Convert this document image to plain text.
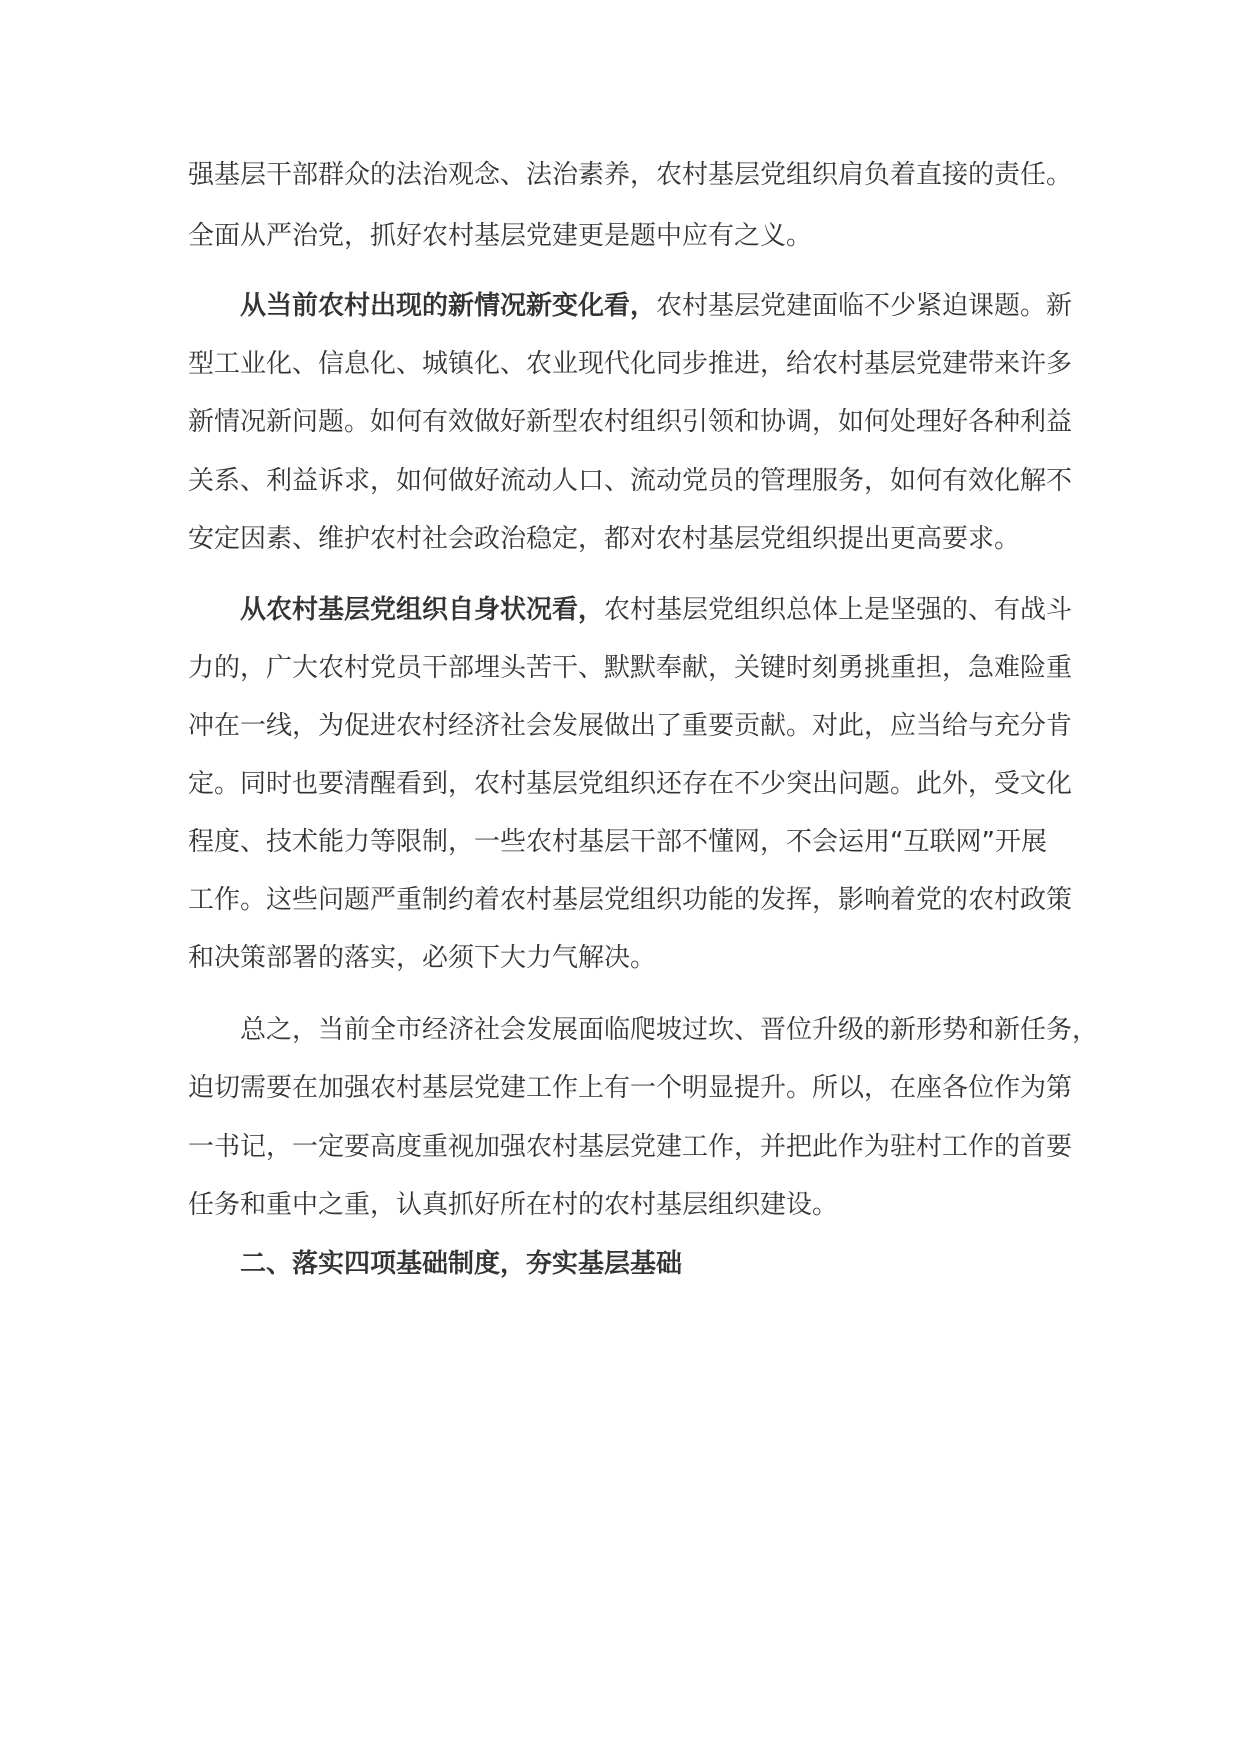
强基层干部群众的法治观念、法治素养，农村基层党组织肩负着直接的责任。
全面从严治党，抓好农村基层党建更是题中应有之义。
从当前农村出现的新情况新变化看，农村基层党建面临不少紧迫课题。新
型工业化、信息化、城镇化、农业现代化同步推进，给农村基层党建带来许多
新情况新问题。如何有效做好新型农村组织引领和协调，如何处理好各种利益
关系、利益诉求，如何做好流动人口、流动党员的管理服务，如何有效化解不
安定因素、维护农村社会政治稳定，都对农村基层党组织提出更高要求。
从农村基层党组织自身状况看，农村基层党组织总体上是坚强的、有战斗
力的，广大农村党员干部埋头苦干、默默奉献，关键时刻勇挑重担，急难险重
冲在一线，为促进农村经济社会发展做出了重要贡献。对此，应当给与充分肯
定。同时也要清醒看到，农村基层党组织还存在不少突出问题。此外，受文化
程度、技术能力等限制，一些农村基层干部不懂网，不会运用“互联网”开展
工作。这些问题严重制约着农村基层党组织功能的发挥，影响着党的农村政策
和决策部署的落实，必须下大力气解决。
总之，当前全市经济社会发展面临爬坡过坎、晋位升级的新形势和新任务，
迫切需要在加强农村基层党建工作上有一个明显提升。所以，在座各位作为第
一书记，一定要高度重视加强农村基层党建工作，并把此作为驻村工作的首要
任务和重中之重，认真抓好所在村的农村基层组织建设。
二、落实四项基础制度，夯实基层基础
